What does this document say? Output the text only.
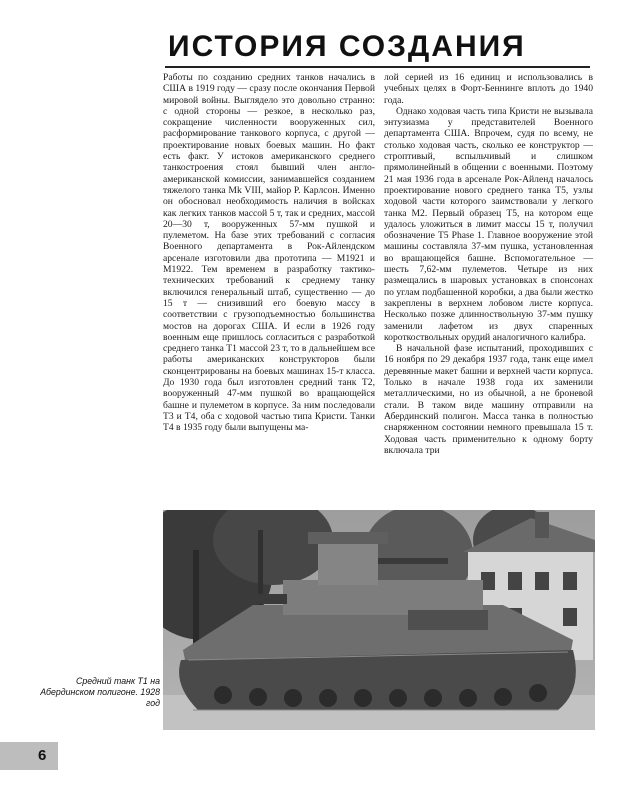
ИСТОРИЯ СОЗДАНИЯ

Работы по созданию средних танков начались в США в 1919 году — сразу после окончания Первой мировой войны. Выглядело это довольно странно: с одной стороны — резкое, в несколько раз, сокращение численности вооруженных сил, расформирование танкового корпуса, с другой — проектирование новых боевых машин. Но факт есть факт. У истоков американского среднего танкостроения стоял бывший член англо-американской комиссии, занимавшейся созданием тяжелого танка Mk VIII, майор Р. Карлсон. Именно он обосновал необходимость наличия в войсках как легких танков массой 5 т, так и средних, массой 20—30 т, вооруженных 57-мм пушкой и пулеметом. На базе этих требований с согласия Военного департамента в Рок-Айлендском арсенале изготовили два прототипа — M1921 и M1922. Тем временем в разработку тактико-технических требований к среднему танку включился генеральный штаб, существенно — до 15 т — снизивший его боевую массу в соответствии с грузоподъемностью большинства мостов на дорогах США. И если в 1926 году военным еще пришлось согласиться с разработкой среднего танка T1 массой 23 т, то в дальнейшем все работы американских конструкторов были сконцентрированы на боевых машинах 15-т класса. До 1930 года был изготовлен средний танк T2, вооруженный 47-мм пушкой во вращающейся башне и пулеметом в корпусе. За ним последовали T3 и T4, оба с ходовой частью типа Кристи. Танки T4 в 1935 году были выпущены ма-

лой серией из 16 единиц и использовались в учебных целях в Форт-Беннинге вплоть до 1940 года.

Однако ходовая часть типа Кристи не вызывала энтузиазма у представителей Военного департамента США. Впрочем, судя по всему, не столько ходовая часть, сколько ее конструктор — строптивый, вспыльчивый и слишком прямолинейный в общении с военными. Поэтому 21 мая 1936 года в арсенале Рок-Айленд началось проектирование нового среднего танка T5, узлы ходовой части которого заимствовали у легкого танка M2. Первый образец T5, на котором еще удалось уложиться в лимит массы 15 т, получил обозначение T5 Phase 1. Главное вооружение этой машины составляла 37-мм пушка, установленная во вращающейся башне. Вспомогательное — шесть 7,62-мм пулеметов. Четыре из них размещались в шаровых установках в спонсонах по углам подбашенной коробки, а два были жестко закреплены в верхнем лобовом листе корпуса. Несколько позже длинноствольную 37-мм пушку заменили лафетом из двух спаренных короткоствольных орудий аналогичного калибра.

В начальной фазе испытаний, проходивших с 16 ноября по 29 декабря 1937 года, танк еще имел деревянные макет башни и верхней части корпуса. Только в начале 1938 года их заменили металлическими, но из обычной, а не броневой стали. В таком виде машину отправили на Абердинский полигон. Масса танка в полностью снаряженном состоянии немного превышала 15 т. Ходовая часть применительно к одному борту включала три

Средний танк T1 на Абердинском полигоне. 1928 год

6
